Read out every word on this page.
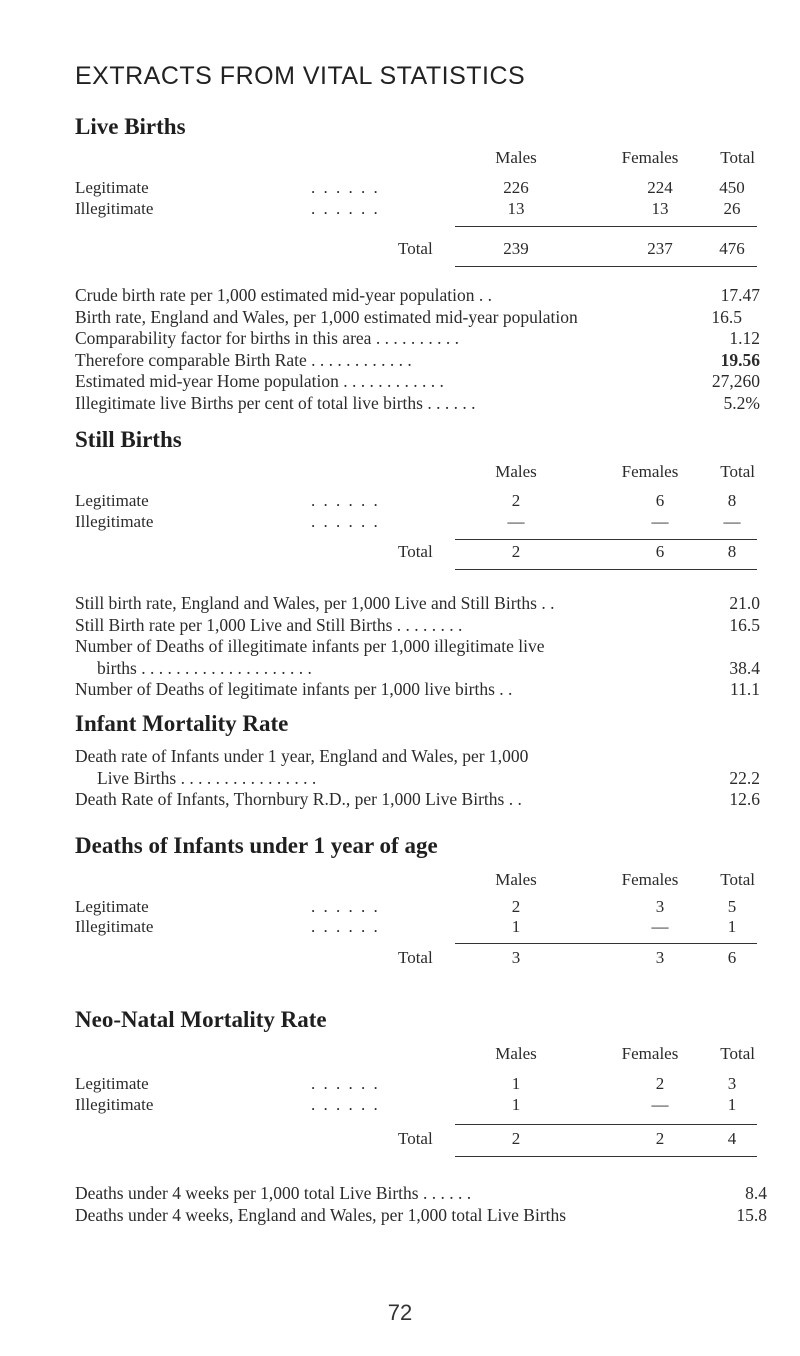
EXTRACTS FROM VITAL STATISTICS
Live Births
Males	Females	Total
Legitimate	. . . . . .	226	224	450
Illegitimate	. . . . . .	13	13	26
Total	239	237	476
Crude birth rate per 1,000 estimated mid-year population . .	17.47
Birth rate, England and Wales, per 1,000 estimated mid-year population	16.5
Comparability factor for births in this area . . . . . . . . . .	1.12
Therefore comparable Birth Rate . . . . . . . . . . . .	19.56
Estimated mid-year Home population . . . . . . . . . . . .	27,260
Illegitimate live Births per cent of total live births . . . . . .	5.2%
Still Births
Males	Females	Total
Legitimate	. . . . . .	2	6	8
Illegitimate	. . . . . .	—	—	—
Total	2	6	8
Still birth rate, England and Wales, per 1,000 Live and Still Births . .	21.0
Still Birth rate per 1,000 Live and Still Births . . . . . . . .	16.5
Number of Deaths of illegitimate infants per 1,000 illegitimate live
births . . . . . . . . . . . . . . . . . . . .	38.4
Number of Deaths of legitimate infants per 1,000 live births . .	11.1
Infant Mortality Rate
Death rate of Infants under 1 year, England and Wales, per 1,000
Live Births . . . . . . . . . . . . . . . .	22.2
Death Rate of Infants, Thornbury R.D., per 1,000 Live Births . .	12.6
Deaths of Infants under 1 year of age
Males	Females	Total
Legitimate	. . . . . .	2	3	5
Illegitimate	. . . . . .	1	—	1
Total	3	3	6
Neo-Natal Mortality Rate
Males	Females	Total
Legitimate	. . . . . .	1	2	3
Illegitimate	. . . . . .	1	—	1
Total	2	2	4
Deaths under 4 weeks per 1,000 total Live Births . . . . . .	8.4
Deaths under 4 weeks, England and Wales, per 1,000 total Live Births	15.8
72
